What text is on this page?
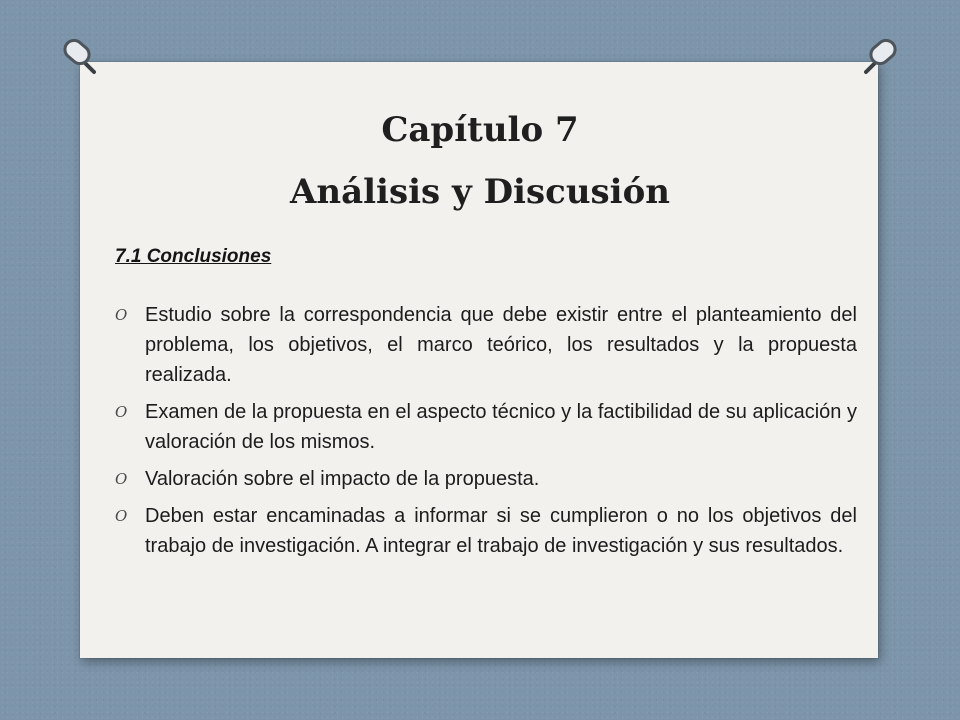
Capítulo 7
Análisis y Discusión

7.1 Conclusiones

O Estudio sobre la correspondencia que debe existir entre el planteamiento del problema, los objetivos, el marco teórico, los resultados y la propuesta realizada.
O Examen de la propuesta en el aspecto técnico y la factibilidad de su aplicación y valoración de los mismos.
O Valoración sobre el impacto de la propuesta.
O Deben estar encaminadas a informar si se cumplieron o no los objetivos del trabajo de investigación. A integrar el trabajo de investigación y sus resultados.
